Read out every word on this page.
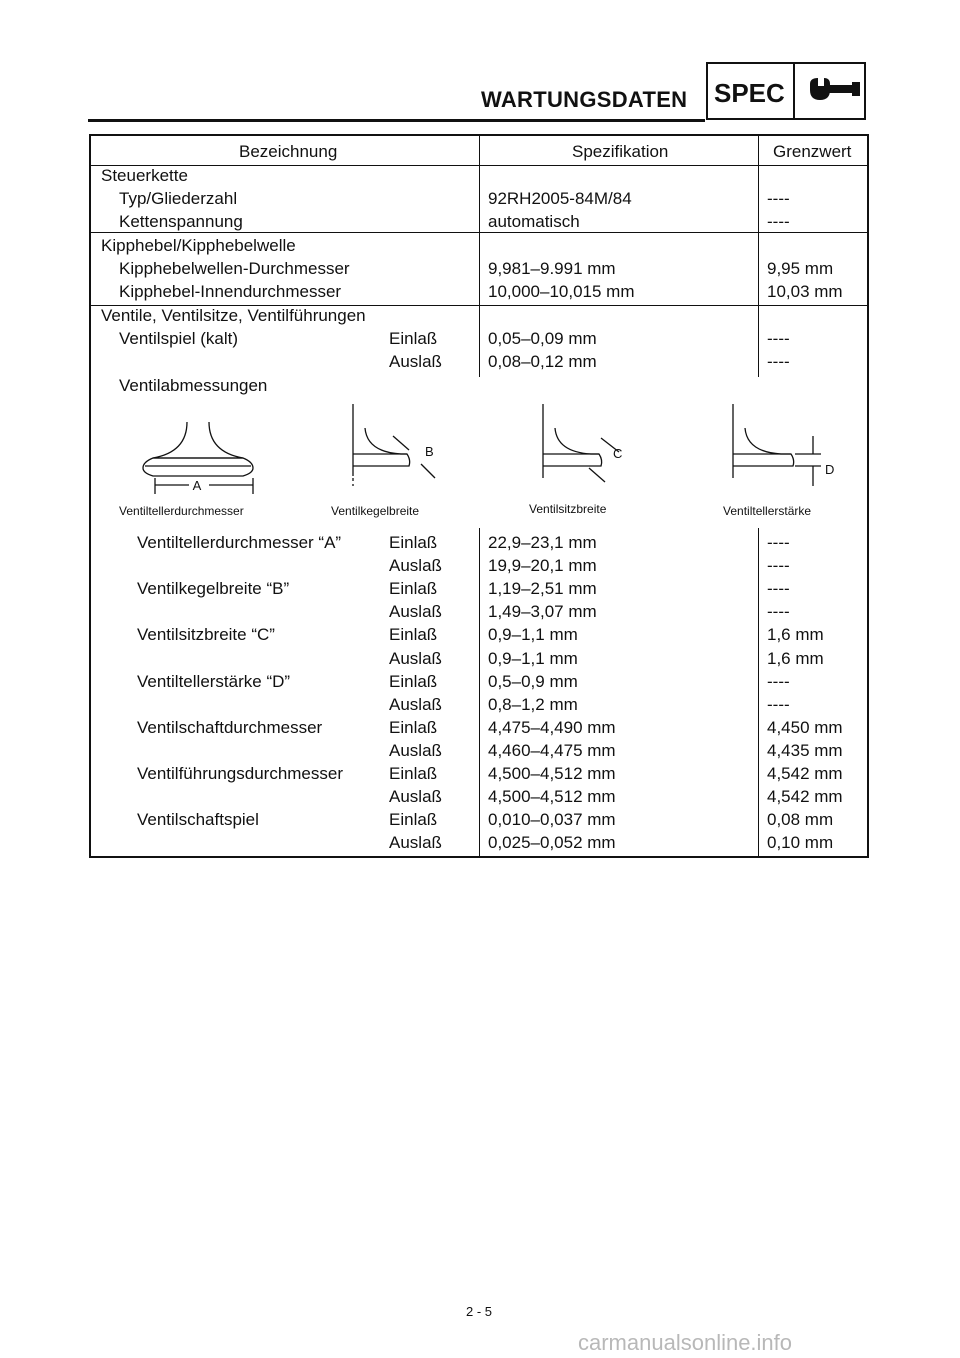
WARTUNGSDATEN SPEC
Bezeichnung	Spezifikation	Grenzwert
Steuerkette
Typ/Gliederzahl	92RH2005-84M/84	----
Kettenspannung	automatisch	----
Kipphebel/Kipphebelwelle
Kipphebelwellen-Durchmesser	9,981–9.991 mm	9,95 mm
Kipphebel-Innendurchmesser	10,000–10,015 mm	10,03 mm
Ventile, Ventilsitze, Ventilführungen
Ventilspiel (kalt)	Einlaß	0,05–0,09 mm	----
Auslaß	0,08–0,12 mm	----
Ventilabmessungen
A
B	C
D
Ventiltellerdurchmesser	Ventilkegelbreite	Ventilsitzbreite	Ventiltellerstärke
Ventiltellerdurchmesser “A”	Einlaß	22,9–23,1 mm	----
Auslaß	19,9–20,1 mm	----
Ventilkegelbreite “B”	Einlaß	1,19–2,51 mm	----
Auslaß	1,49–3,07 mm	----
Ventilsitzbreite “C”	Einlaß	0,9–1,1 mm	1,6 mm
Auslaß	0,9–1,1 mm	1,6 mm
Ventiltellerstärke “D”	Einlaß	0,5–0,9 mm	----
Auslaß	0,8–1,2 mm	----
Ventilschaftdurchmesser	Einlaß	4,475–4,490 mm	4,450 mm
Auslaß	4,460–4,475 mm	4,435 mm
Ventilführungsdurchmesser	Einlaß	4,500–4,512 mm	4,542 mm
Auslaß	4,500–4,512 mm	4,542 mm
Ventilschaftspiel	Einlaß	0,010–0,037 mm	0,08 mm
Auslaß	0,025–0,052 mm	0,10 mm
2 - 5
carmanualsonline.info
